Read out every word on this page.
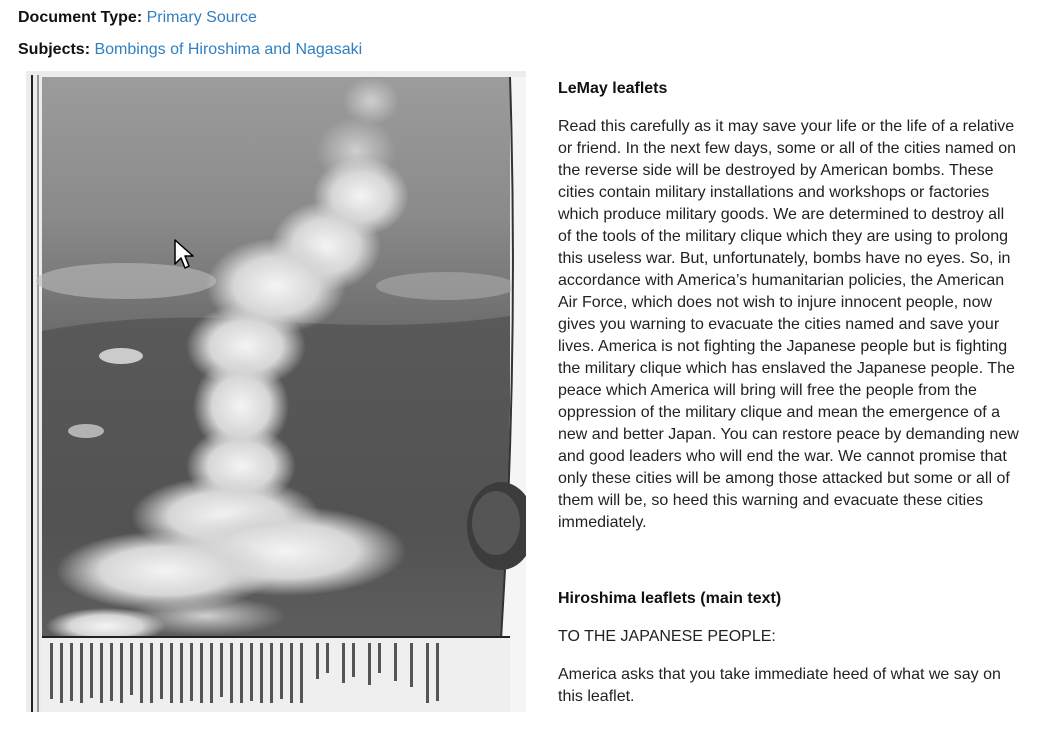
Document Type: Primary Source
Subjects: Bombings of Hiroshima and Nagasaki
LeMay leaflets

Read this carefully as it may save your life or the life of a relative or friend. In the next few days, some or all of the cities named on the reverse side will be destroyed by American bombs. These cities contain military installations and workshops or factories which produce military goods. We are determined to destroy all of the tools of the military clique which they are using to prolong this useless war. But, unfortunately, bombs have no eyes. So, in accordance with America’s humanitarian policies, the American Air Force, which does not wish to injure innocent people, now gives you warning to evacuate the cities named and save your lives. America is not fighting the Japanese people but is fighting the military clique which has enslaved the Japanese people. The peace which America will bring will free the people from the oppression of the military clique and mean the emergence of a new and better Japan. You can restore peace by demanding new and good leaders who will end the war. We cannot promise that only these cities will be among those attacked but some or all of them will be, so heed this warning and evacuate these cities immediately.

Hiroshima leaflets (main text)

TO THE JAPANESE PEOPLE:

America asks that you take immediate heed of what we say on this leaflet.
